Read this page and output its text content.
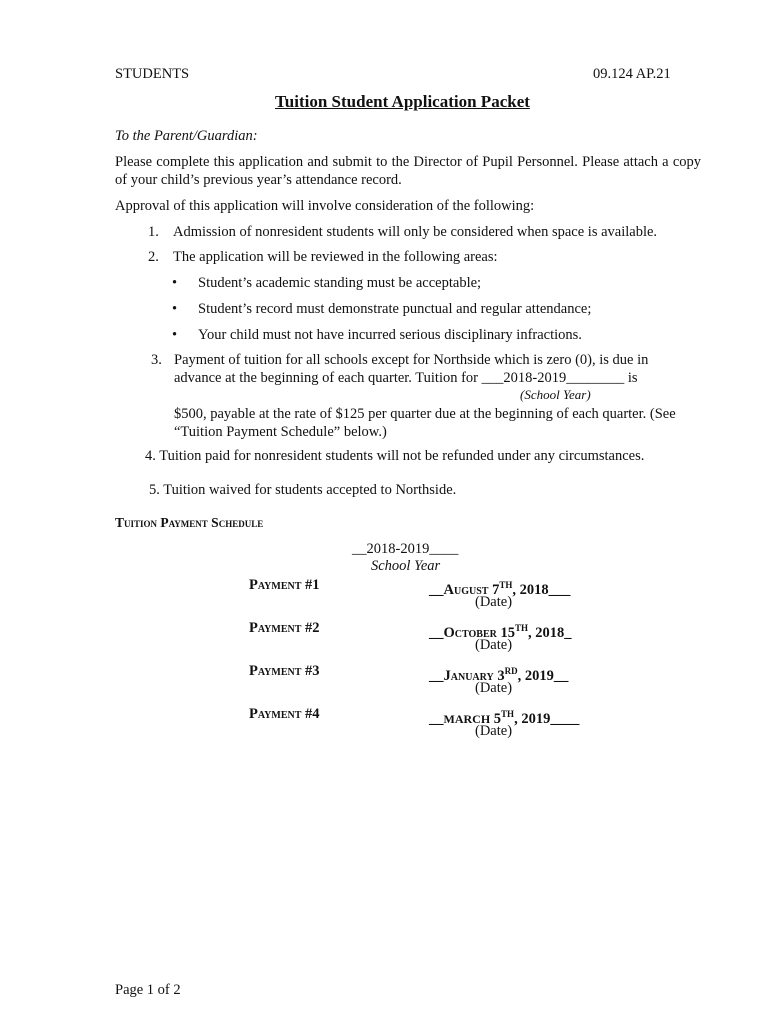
STUDENTS	09.124 AP.21
Tuition Student Application Packet
To the Parent/Guardian:
Please complete this application and submit to the Director of Pupil Personnel. Please attach a copy of your child’s previous year’s attendance record.
Approval of this application will involve consideration of the following:
1. Admission of nonresident students will only be considered when space is available.
2. The application will be reviewed in the following areas:
• Student’s academic standing must be acceptable;
• Student’s record must demonstrate punctual and regular attendance;
• Your child must not have incurred serious disciplinary infractions.
3. Payment of tuition for all schools except for Northside which is zero (0), is due in
advance at the beginning of each quarter. Tuition for ___2018-2019________ is
(School Year)
$500, payable at the rate of $125 per quarter due at the beginning of each quarter. (See
“Tuition Payment Schedule” below.)
4. Tuition paid for nonresident students will not be refunded under any circumstances.
5. Tuition waived for students accepted to Northside.
Tuition Payment Schedule
__2018-2019____
School Year
Payment #1	__August 7TH, 2018___
(Date)
Payment #2	__October 15TH, 2018_
(Date)
Payment #3	__January 3RD, 2019__
(Date)
Payment #4	__MARCH 5TH, 2019____
(Date)
Page 1 of 2
